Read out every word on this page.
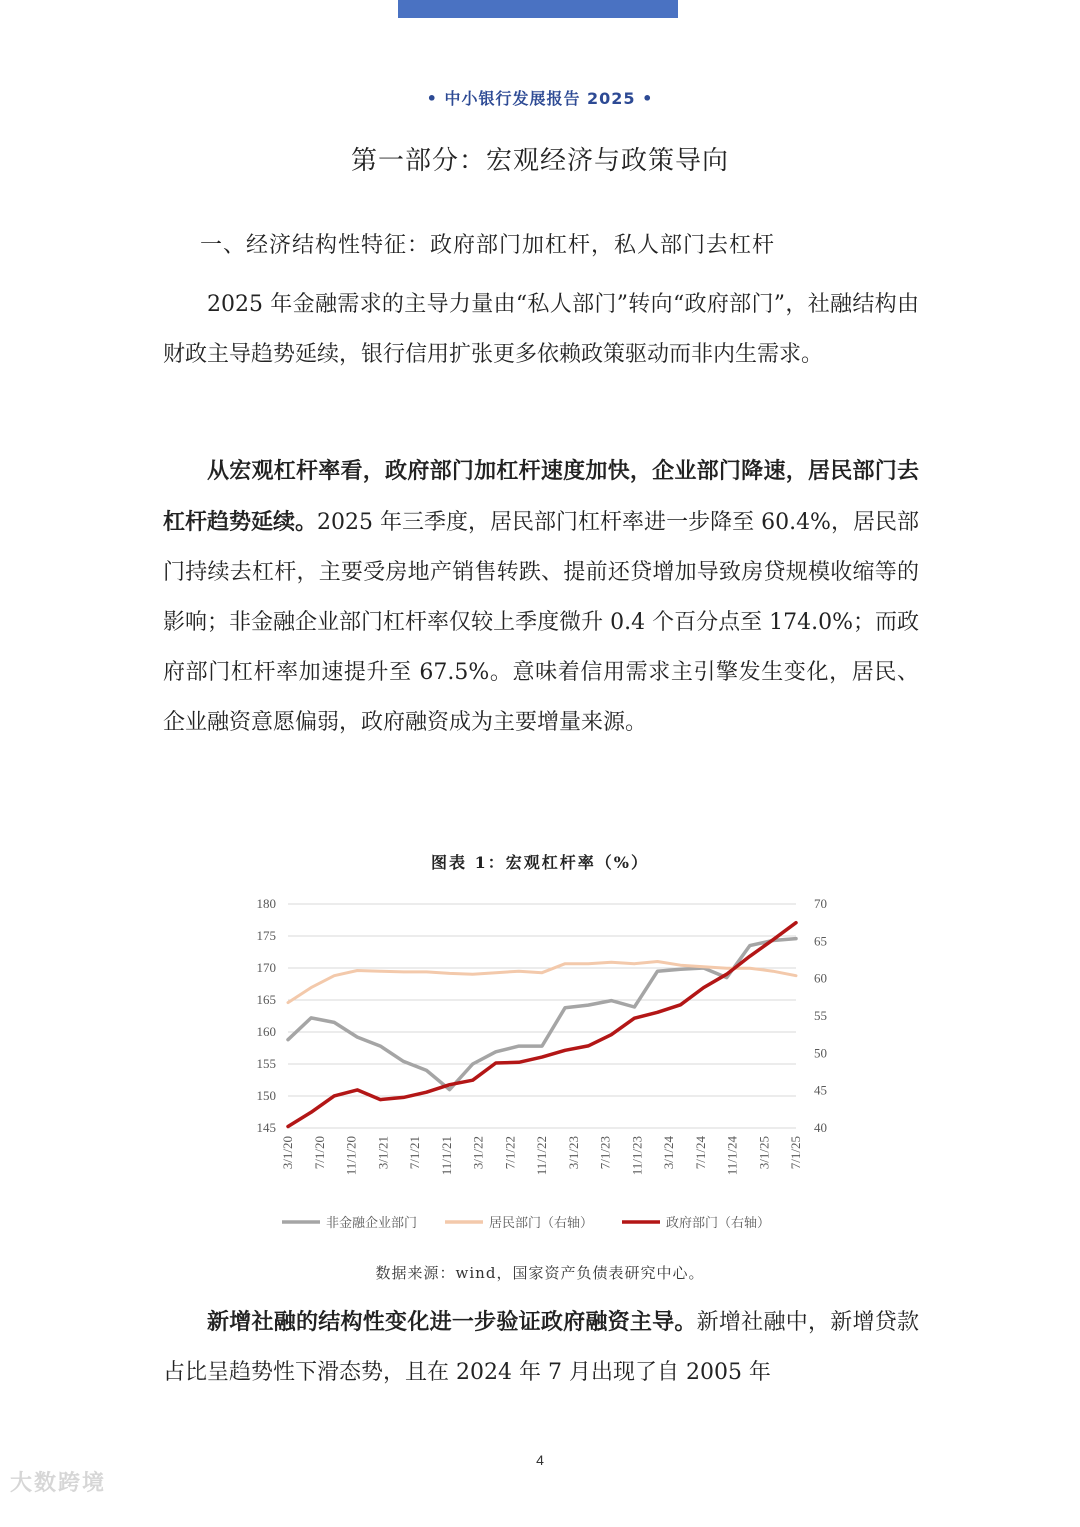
• 中小银行发展报告 2025 •
第一部分：宏观经济与政策导向
一、经济结构性特征：政府部门加杠杆，私人部门去杠杆

2025 年金融需求的主导力量由“私人部门”转向“政府部门”，社融结构由财政主导趋势延续，银行信用扩张更多依赖政策驱动而非内生需求。

从宏观杠杆率看，政府部门加杠杆速度加快，企业部门降速，居民部门去杠杆趋势延续。2025 年三季度，居民部门杠杆率进一步降至 60.4%，居民部门持续去杠杆，主要受房地产销售转跌、提前还贷增加导致房贷规模收缩等的影响；非金融企业部门杠杆率仅较上季度微升 0.4 个百分点至 174.0%；而政府部门杠杆率加速提升至 67.5%。意味着信用需求主引擎发生变化，居民、企业融资意愿偏弱，政府融资成为主要增量来源。

图表 1：宏观杠杆率（%）
145
150
155
160
165
170
175
180
40
45
50
55
60
65
70
3/1/20 7/1/20 11/1/20 3/1/21 7/1/21 11/1/21 3/1/22 7/1/22 11/1/22 3/1/23 7/1/23 11/1/23 3/1/24 7/1/24 11/1/24 3/1/25 7/1/25
非金融企业部门	居民部门（右轴）	政府部门（右轴）
数据来源：wind，国家资产负债表研究中心。

新增社融的结构性变化进一步验证政府融资主导。新增社融中，新增贷款占比呈趋势性下滑态势，且在 2024 年 7 月出现了自 2005 年

4
大数跨境
